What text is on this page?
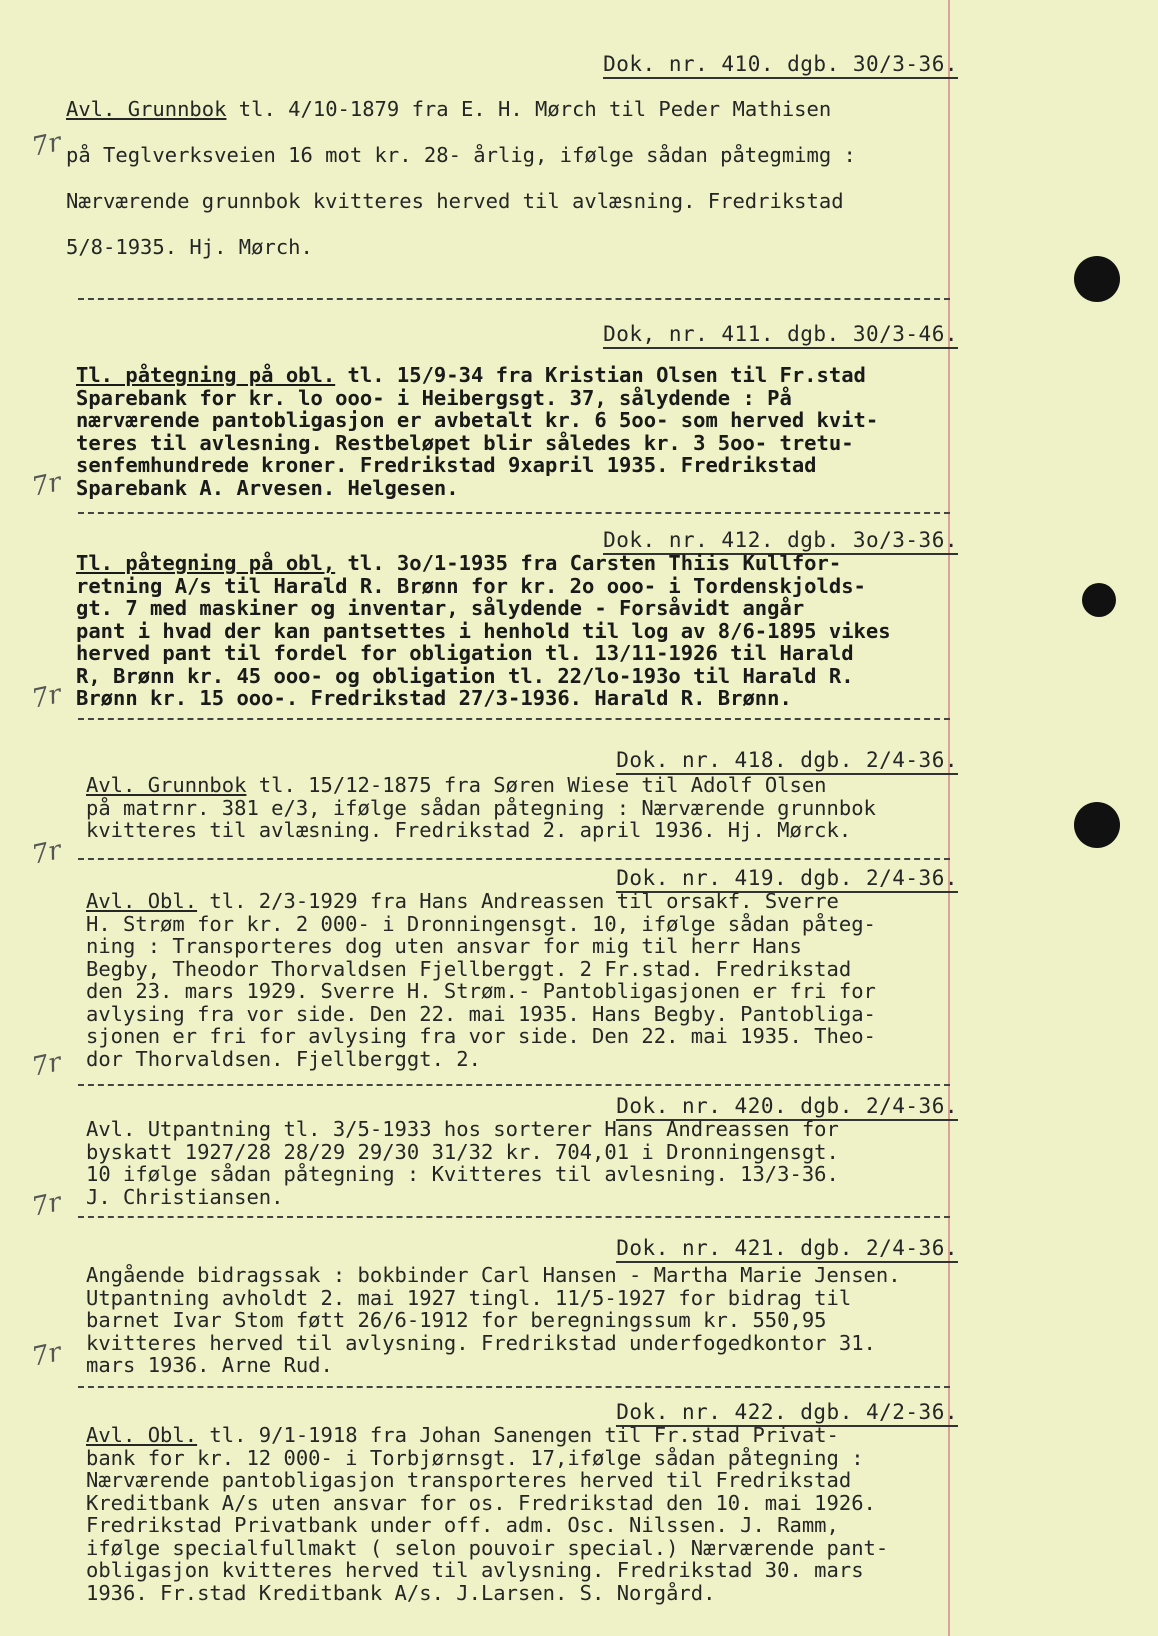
Dok. nr. 410. dgb. 30/3-36.

Avl. Grunnbok tl. 4/10-1879 fra E. H. Mørch til Peder Mathisen

på Teglverksveien 16 mot kr. 28- årlig, ifølge sådan påtegmimg :

Nærværende grunnbok kvitteres herved til avlæsning. Fredrikstad

5/8-1935. Hj. Mørch.

7r
Dok, nr. 411. dgb. 30/3-46.

Tl. påtegning på obl. tl. 15/9-34 fra Kristian Olsen til Fr.stad

Sparebank for kr. lo ooo- i Heibergsgt. 37, sålydende : På

nærværende pantobligasjon er avbetalt kr. 6 5oo- som herved kvit-

teres til avlesning. Restbeløpet blir således kr. 3 5oo- tretu-

senfemhundrede kroner. Fredrikstad 9xapril 1935. Fredrikstad

Sparebank A. Arvesen. Helgesen.

7r
Dok. nr. 412. dgb. 3o/3-36.

Tl. påtegning på obl, tl. 3o/1-1935 fra Carsten Thiis Kullfor-

retning A/s til Harald R. Brønn for kr. 2o ooo- i Tordenskjolds-

gt. 7 med maskiner og inventar, sålydende - Forsåvidt angår

pant i hvad der kan pantsettes i henhold til log av 8/6-1895 vikes

herved pant til fordel for obligation tl. 13/11-1926 til Harald

R, Brønn kr. 45 ooo- og obligation tl. 22/lo-193o til Harald R.

Brønn kr. 15 ooo-. Fredrikstad 27/3-1936. Harald R. Brønn.

7r
Dok. nr. 418. dgb. 2/4-36.

Avl. Grunnbok tl. 15/12-1875 fra Søren Wiese til Adolf Olsen

på matrnr. 381 e/3, ifølge sådan påtegning : Nærværende grunnbok

kvitteres til avlæsning. Fredrikstad 2. april 1936. Hj. Mørck.

7r
Dok. nr. 419. dgb. 2/4-36.

Avl. Obl. tl. 2/3-1929 fra Hans Andreassen til orsakf. Sverre

H. Strøm for kr. 2 000- i Dronningensgt. 10, ifølge sådan påteg-

ning : Transporteres dog uten ansvar for mig til herr Hans

Begby, Theodor Thorvaldsen Fjellberggt. 2 Fr.stad. Fredrikstad

den 23. mars 1929. Sverre H. Strøm.- Pantobligasjonen er fri for

avlysing fra vor side. Den 22. mai 1935. Hans Begby. Pantobliga-

sjonen er fri for avlysing fra vor side. Den 22. mai 1935. Theo-

dor Thorvaldsen. Fjellberggt. 2.

7r
Dok. nr. 420. dgb. 2/4-36.

Avl. Utpantning tl. 3/5-1933 hos sorterer Hans Andreassen for

byskatt 1927/28 28/29 29/30 31/32 kr. 704,01 i Dronningensgt.

10 ifølge sådan påtegning : Kvitteres til avlesning. 13/3-36.

J. Christiansen.

7r
Dok. nr. 421. dgb. 2/4-36.

Angående bidragssak : bokbinder Carl Hansen - Martha Marie Jensen.

Utpantning avholdt 2. mai 1927 tingl. 11/5-1927 for bidrag til

barnet Ivar Stom føtt 26/6-1912 for beregningssum kr. 550,95

kvitteres herved til avlysning. Fredrikstad underfogedkontor 31.

mars 1936. Arne Rud.

7r
Dok. nr. 422. dgb. 4/2-36.

Avl. Obl. tl. 9/1-1918 fra Johan Sanengen til Fr.stad Privat-

bank for kr. 12 000- i Torbjørnsgt. 17,ifølge sådan påtegning :

Nærværende pantobligasjon transporteres herved til Fredrikstad

Kreditbank A/s uten ansvar for os. Fredrikstad den 10. mai 1926.

Fredrikstad Privatbank under off. adm. Osc. Nilssen. J. Ramm,

ifølge specialfullmakt ( selon pouvoir special.) Nærværende pant-

obligasjon kvitteres herved til avlysning. Fredrikstad 30. mars

1936. Fr.stad Kreditbank A/s. J.Larsen. S. Norgård.
